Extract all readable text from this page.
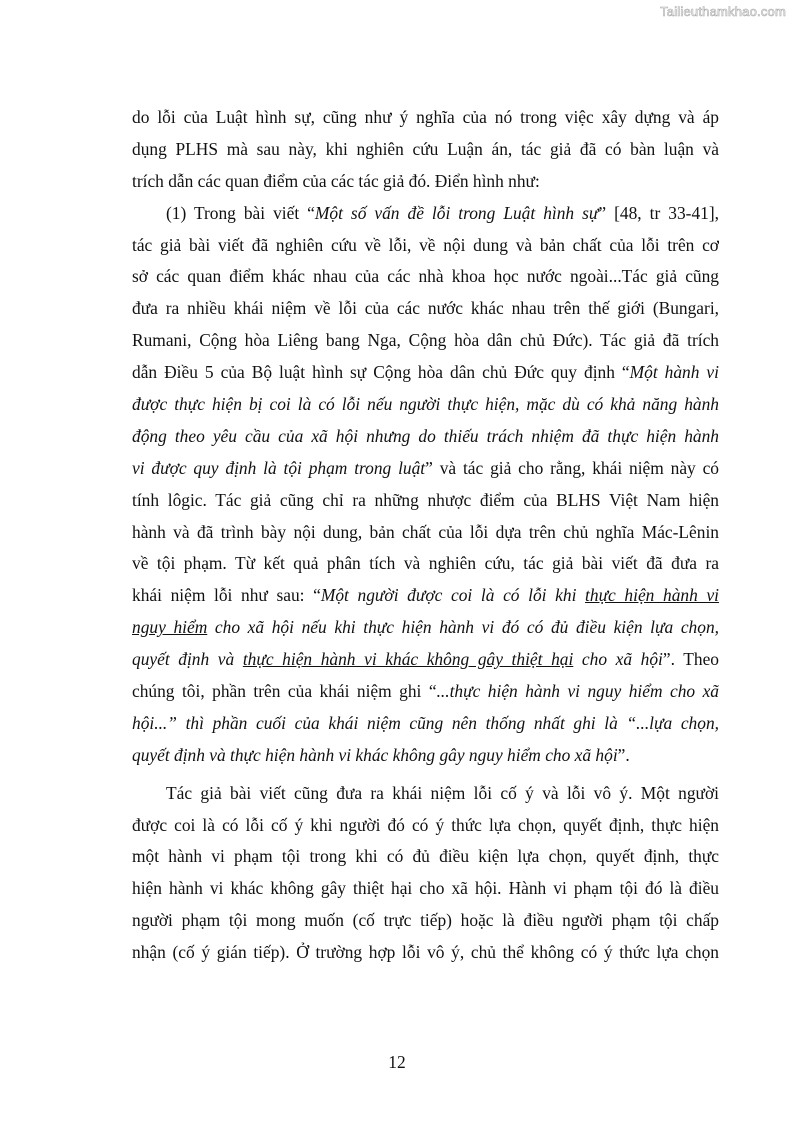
Tailieuthamkhao.com
do lỗi của Luật hình sự, cũng như ý nghĩa của nó trong việc xây dựng và áp
dụng PLHS mà sau này, khi nghiên cứu Luận án, tác giả đã có bàn luận và
trích dẫn các quan điểm của các tác giả đó. Điển hình như:
(1) Trong bài viết “Một số vấn đề lỗi trong Luật hình sự” [48, tr 33-41],
tác giả bài viết đã nghiên cứu về lỗi, về nội dung và bản chất của lỗi trên cơ
sở các quan điểm khác nhau của các nhà khoa học nước ngoài...Tác giả cũng
đưa ra nhiều khái niệm về lỗi của các nước khác nhau trên thế giới (Bungari,
Rumani, Cộng hòa Liêng bang Nga, Cộng hòa dân chủ Đức). Tác giả đã trích
dẫn Điều 5 của Bộ luật hình sự Cộng hòa dân chủ Đức quy định “Một hành vi
được thực hiện bị coi là có lỗi nếu người thực hiện, mặc dù có khả năng hành
động theo yêu cầu của xã hội nhưng do thiếu trách nhiệm đã thực hiện hành
vi được quy định là tội phạm trong luật” và tác giả cho rằng, khái niệm này có
tính lôgic. Tác giả cũng chỉ ra những nhược điểm của BLHS Việt Nam hiện
hành và đã trình bày nội dung, bản chất của lỗi dựa trên chủ nghĩa Mác-Lênin
về tội phạm. Từ kết quả phân tích và nghiên cứu, tác giả bài viết đã đưa ra
khái niệm lỗi như sau: “Một người được coi là có lỗi khi thực hiện hành vi
nguy hiểm cho xã hội nếu khi thực hiện hành vi đó có đủ điều kiện lựa chọn,
quyết định và thực hiện hành vi khác không gây thiệt hại cho xã hội”. Theo
chúng tôi, phần trên của khái niệm ghi “...thực hiện hành vi nguy hiểm cho xã
hội...” thì phần cuối của khái niệm cũng nên thống nhất ghi là “...lựa chọn,
quyết định và thực hiện hành vi khác không gây nguy hiểm cho xã hội”.
Tác giả bài viết cũng đưa ra khái niệm lỗi cố ý và lỗi vô ý. Một người
được coi là có lỗi cố ý khi người đó có ý thức lựa chọn, quyết định, thực hiện
một hành vi phạm tội trong khi có đủ điều kiện lựa chọn, quyết định, thực
hiện hành vi khác không gây thiệt hại cho xã hội. Hành vi phạm tội đó là điều
người phạm tội mong muốn (cố trực tiếp) hoặc là điều người phạm tội chấp
nhận (cố ý gián tiếp). Ở trường hợp lỗi vô ý, chủ thể không có ý thức lựa chọn
12
